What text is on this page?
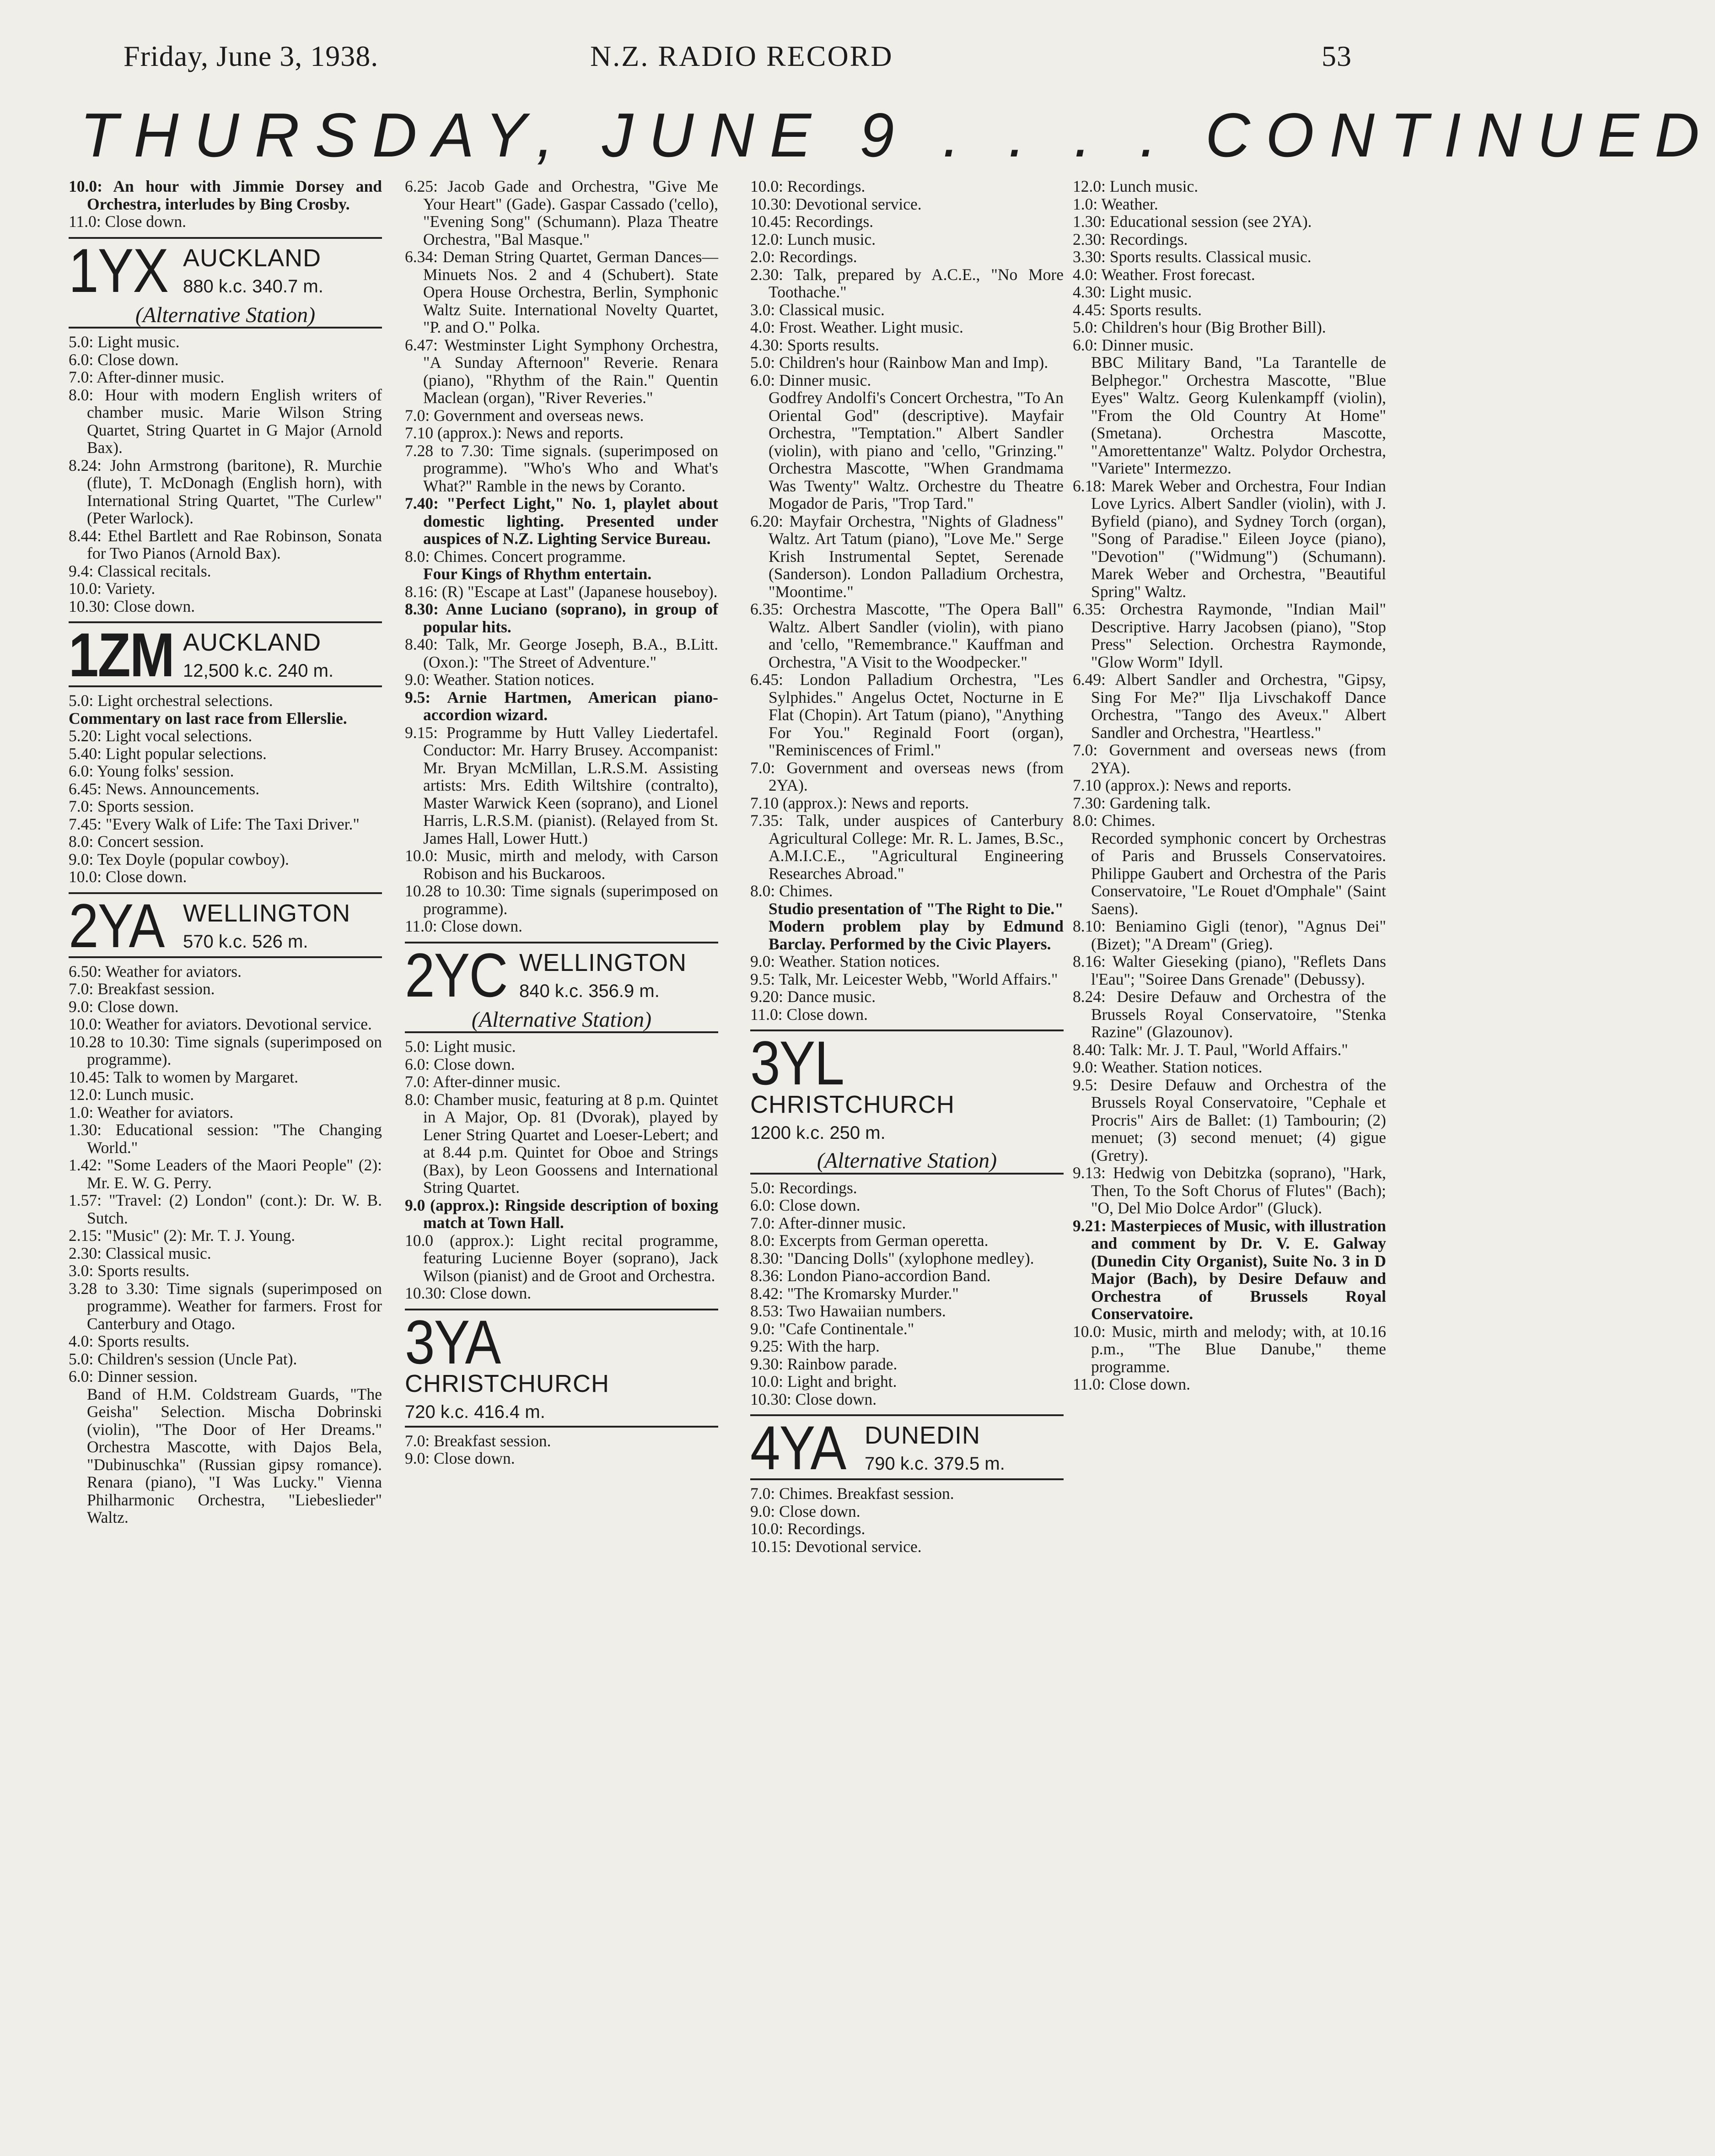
Friday, June 3, 1938.	N.Z. RADIO RECORD	53
THURSDAY, JUNE 9 . . . . CONTINUED

10.0: An hour with Jimmie Dorsey and Orchestra, interludes by Bing Crosby.

11.0: Close down.

1YX AUCKLAND
880 k.c. 340.7 m.
(Alternative Station)

5.0: Light music.

6.0: Close down.

7.0: After-dinner music.

8.0: Hour with modern English writers of chamber music. Marie Wilson String Quartet, String Quartet in G Major (Arnold Bax).

8.24: John Armstrong (baritone), R. Murchie (flute), T. McDonagh (English horn), with International String Quartet, "The Curlew" (Peter Warlock).

8.44: Ethel Bartlett and Rae Robinson, Sonata for Two Pianos (Arnold Bax).

9.4: Classical recitals.

10.0: Variety.

10.30: Close down.

1ZM AUCKLAND
12,500 k.c. 240 m.

5.0: Light orchestral selections.

Commentary on last race from Ellerslie.

5.20: Light vocal selections.

5.40: Light popular selections.

6.0: Young folks' session.

6.45: News. Announcements.

7.0: Sports session.

7.45: "Every Walk of Life: The Taxi Driver."

8.0: Concert session.

9.0: Tex Doyle (popular cowboy).

10.0: Close down.

2YA WELLINGTON
570 k.c. 526 m.

6.50: Weather for aviators.

7.0: Breakfast session.

9.0: Close down.

10.0: Weather for aviators. Devotional service.

10.28 to 10.30: Time signals (superimposed on programme).

10.45: Talk to women by Margaret.

12.0: Lunch music.

1.0: Weather for aviators.

1.30: Educational session: "The Changing World."

1.42: "Some Leaders of the Maori People" (2): Mr. E. W. G. Perry.

1.57: "Travel: (2) London" (cont.): Dr. W. B. Sutch.

2.15: "Music" (2): Mr. T. J. Young.

2.30: Classical music.

3.0: Sports results.

3.28 to 3.30: Time signals (superimposed on programme). Weather for farmers. Frost for Canterbury and Otago.

4.0: Sports results.

5.0: Children's session (Uncle Pat).

6.0: Dinner session.

Band of H.M. Coldstream Guards, "The Geisha" Selection. Mischa Dobrinski (violin), "The Door of Her Dreams." Orchestra Mascotte, with Dajos Bela, "Dubinuschka" (Russian gipsy romance). Renara (piano), "I Was Lucky." Vienna Philharmonic Orchestra, "Liebeslieder" Waltz.

6.25: Jacob Gade and Orchestra, "Give Me Your Heart" (Gade). Gaspar Cassado ('cello), "Evening Song" (Schumann). Plaza Theatre Orchestra, "Bal Masque."

6.34: Deman String Quartet, German Dances—Minuets Nos. 2 and 4 (Schubert). State Opera House Orchestra, Berlin, Symphonic Waltz Suite. International Novelty Quartet, "P. and O." Polka.

6.47: Westminster Light Symphony Orchestra, "A Sunday Afternoon" Reverie. Renara (piano), "Rhythm of the Rain." Quentin Maclean (organ), "River Reveries."

7.0: Government and overseas news.

7.10 (approx.): News and reports.

7.28 to 7.30: Time signals. (superimposed on programme). "Who's Who and What's What?" Ramble in the news by Coranto.

7.40: "Perfect Light," No. 1, playlet about domestic lighting. Presented under auspices of N.Z. Lighting Service Bureau.

8.0: Chimes. Concert programme.

Four Kings of Rhythm entertain.

8.16: (R) "Escape at Last" (Japanese houseboy).

8.30: Anne Luciano (soprano), in group of popular hits.

8.40: Talk, Mr. George Joseph, B.A., B.Litt. (Oxon.): "The Street of Adventure."

9.0: Weather. Station notices.

9.5: Arnie Hartmen, American piano-accordion wizard.

9.15: Programme by Hutt Valley Liedertafel. Conductor: Mr. Harry Brusey. Accompanist: Mr. Bryan McMillan, L.R.S.M. Assisting artists: Mrs. Edith Wiltshire (contralto), Master Warwick Keen (soprano), and Lionel Harris, L.R.S.M. (pianist). (Relayed from St. James Hall, Lower Hutt.)

10.0: Music, mirth and melody, with Carson Robison and his Buckaroos.

10.28 to 10.30: Time signals (superimposed on programme).

11.0: Close down.

2YC WELLINGTON
840 k.c. 356.9 m.
(Alternative Station)

5.0: Light music.

6.0: Close down.

7.0: After-dinner music.

8.0: Chamber music, featuring at 8 p.m. Quintet in A Major, Op. 81 (Dvorak), played by Lener String Quartet and Loeser-Lebert; and at 8.44 p.m. Quintet for Oboe and Strings (Bax), by Leon Goossens and International String Quartet.

9.0 (approx.): Ringside description of boxing match at Town Hall.

10.0 (approx.): Light recital programme, featuring Lucienne Boyer (soprano), Jack Wilson (pianist) and de Groot and Orchestra.

10.30: Close down.

3YA
CHRISTCHURCH
720 k.c. 416.4 m.

7.0: Breakfast session.

9.0: Close down.

10.0: Recordings.

10.30: Devotional service.

10.45: Recordings.

12.0: Lunch music.

2.0: Recordings.

2.30: Talk, prepared by A.C.E., "No More Toothache."

3.0: Classical music.

4.0: Frost. Weather. Light music.

4.30: Sports results.

5.0: Children's hour (Rainbow Man and Imp).

6.0: Dinner music.

Godfrey Andolfi's Concert Orchestra, "To An Oriental God" (descriptive). Mayfair Orchestra, "Temptation." Albert Sandler (violin), with piano and 'cello, "Grinzing." Orchestra Mascotte, "When Grandmama Was Twenty" Waltz. Orchestre du Theatre Mogador de Paris, "Trop Tard."

6.20: Mayfair Orchestra, "Nights of Gladness" Waltz. Art Tatum (piano), "Love Me." Serge Krish Instrumental Septet, Serenade (Sanderson). London Palladium Orchestra, "Moontime."

6.35: Orchestra Mascotte, "The Opera Ball" Waltz. Albert Sandler (violin), with piano and 'cello, "Remembrance." Kauffman and Orchestra, "A Visit to the Woodpecker."

6.45: London Palladium Orchestra, "Les Sylphides." Angelus Octet, Nocturne in E Flat (Chopin). Art Tatum (piano), "Anything For You." Reginald Foort (organ), "Reminiscences of Friml."

7.0: Government and overseas news (from 2YA).

7.10 (approx.): News and reports.

7.35: Talk, under auspices of Canterbury Agricultural College: Mr. R. L. James, B.Sc., A.M.I.C.E., "Agricultural Engineering Researches Abroad."

8.0: Chimes.

Studio presentation of "The Right to Die." Modern problem play by Edmund Barclay. Performed by the Civic Players.

9.0: Weather. Station notices.

9.5: Talk, Mr. Leicester Webb, "World Affairs."

9.20: Dance music.

11.0: Close down.

3YL
CHRISTCHURCH
1200 k.c. 250 m.
(Alternative Station)

5.0: Recordings.

6.0: Close down.

7.0: After-dinner music.

8.0: Excerpts from German operetta.

8.30: "Dancing Dolls" (xylophone medley).

8.36: London Piano-accordion Band.

8.42: "The Kromarsky Murder."

8.53: Two Hawaiian numbers.

9.0: "Cafe Continentale."

9.25: With the harp.

9.30: Rainbow parade.

10.0: Light and bright.

10.30: Close down.

4YA DUNEDIN
790 k.c. 379.5 m.

7.0: Chimes. Breakfast session.

9.0: Close down.

10.0: Recordings.

10.15: Devotional service.

12.0: Lunch music.

1.0: Weather.

1.30: Educational session (see 2YA).

2.30: Recordings.

3.30: Sports results. Classical music.

4.0: Weather. Frost forecast.

4.30: Light music.

4.45: Sports results.

5.0: Children's hour (Big Brother Bill).

6.0: Dinner music.

BBC Military Band, "La Tarantelle de Belphegor." Orchestra Mascotte, "Blue Eyes" Waltz. Georg Kulenkampff (violin), "From the Old Country At Home" (Smetana). Orchestra Mascotte, "Amorettentanze" Waltz. Polydor Orchestra, "Variete" Intermezzo.

6.18: Marek Weber and Orchestra, Four Indian Love Lyrics. Albert Sandler (violin), with J. Byfield (piano), and Sydney Torch (organ), "Song of Paradise." Eileen Joyce (piano), "Devotion" ("Widmung") (Schumann). Marek Weber and Orchestra, "Beautiful Spring" Waltz.

6.35: Orchestra Raymonde, "Indian Mail" Descriptive. Harry Jacobsen (piano), "Stop Press" Selection. Orchestra Raymonde, "Glow Worm" Idyll.

6.49: Albert Sandler and Orchestra, "Gipsy, Sing For Me?" Ilja Livschakoff Dance Orchestra, "Tango des Aveux." Albert Sandler and Orchestra, "Heartless."

7.0: Government and overseas news (from 2YA).

7.10 (approx.): News and reports.

7.30: Gardening talk.

8.0: Chimes.

Recorded symphonic concert by Orchestras of Paris and Brussels Conservatoires. Philippe Gaubert and Orchestra of the Paris Conservatoire, "Le Rouet d'Omphale" (Saint Saens).

8.10: Beniamino Gigli (tenor), "Agnus Dei" (Bizet); "A Dream" (Grieg).

8.16: Walter Gieseking (piano), "Reflets Dans l'Eau"; "Soiree Dans Grenade" (Debussy).

8.24: Desire Defauw and Orchestra of the Brussels Royal Conservatoire, "Stenka Razine" (Glazounov).

8.40: Talk: Mr. J. T. Paul, "World Affairs."

9.0: Weather. Station notices.

9.5: Desire Defauw and Orchestra of the Brussels Royal Conservatoire, "Cephale et Procris" Airs de Ballet: (1) Tambourin; (2) menuet; (3) second menuet; (4) gigue (Gretry).

9.13: Hedwig von Debitzka (soprano), "Hark, Then, To the Soft Chorus of Flutes" (Bach); "O, Del Mio Dolce Ardor" (Gluck).

9.21: Masterpieces of Music, with illustration and comment by Dr. V. E. Galway (Dunedin City Organist), Suite No. 3 in D Major (Bach), by Desire Defauw and Orchestra of Brussels Royal Conservatoire.

10.0: Music, mirth and melody; with, at 10.16 p.m., "The Blue Danube," theme programme.

11.0: Close down.
